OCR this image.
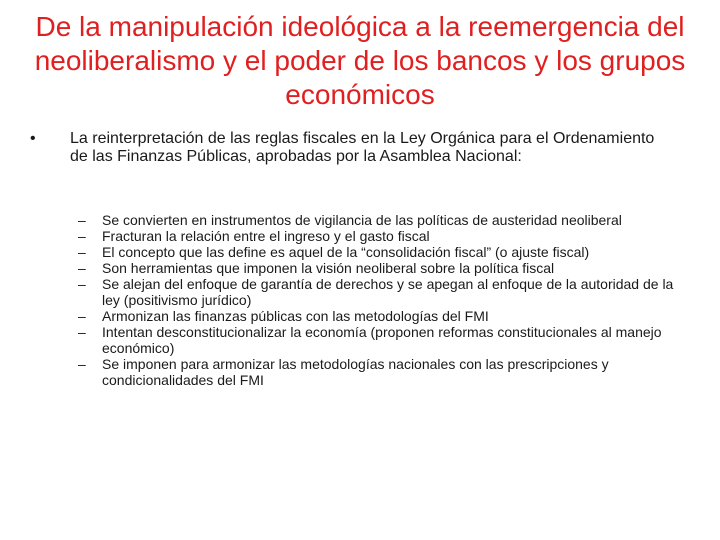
De la manipulación ideológica a la reemergencia del neoliberalismo y el poder de los bancos y los grupos económicos
•	La reinterpretación de las reglas fiscales en la Ley Orgánica para el Ordenamiento de las Finanzas Públicas, aprobadas por la Asamblea Nacional:
– Se convierten en instrumentos de vigilancia de las políticas de austeridad neoliberal
– Fracturan la relación entre el ingreso y el gasto fiscal
– El concepto que las define es aquel de la “consolidación fiscal” (o ajuste fiscal)
– Son herramientas que imponen la visión neoliberal sobre la política fiscal
– Se alejan del enfoque de garantía de derechos y se apegan al enfoque de la autoridad de la ley (positivismo jurídico)
– Armonizan las finanzas públicas con las metodologías del FMI
– Intentan desconstitucionalizar la economía (proponen reformas constitucionales al manejo económico)
– Se imponen para armonizar las metodologías nacionales con las prescripciones y condicionalidades del FMI
